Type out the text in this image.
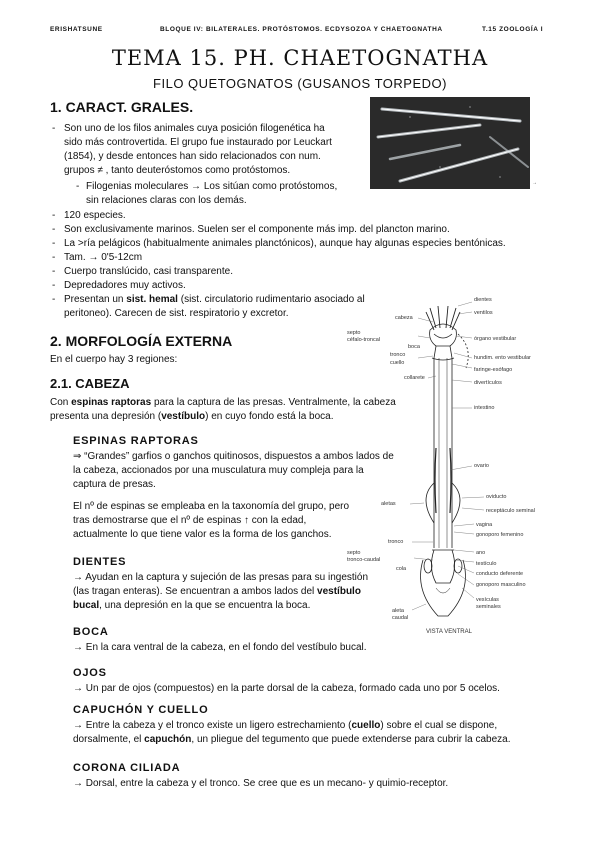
ERISHATSUNE	BLOQUE IV: BILATERALES. PROTÓSTOMOS. ECDYSOZOA Y CHAETOGNATHA	T.15 ZOOLOGÍA I
TEMA 15. PH. CHAETOGNATHA
FILO QUETOGNATOS (GUSANOS TORPEDO)
→
1. CARACT. GRALES.
- Son uno de los filos animales cuya posición filogenética ha
sido más controvertida. El grupo fue instaurado por Leuckart
(1854), y desde entonces han sido relacionados con num.
grupos ≠ , tanto deuteróstomos como protóstomos.
- Filogenias moleculares → Los sitúan como protóstomos,
sin relaciones claras con los demás.
- 120 especies.
- Son exclusivamente marinos. Suelen ser el componente más imp. del plancton marino.
- La >ría pelágicos (habitualmente animales planctónicos), aunque hay algunas especies bentónicas.
- Tam. → 0'5-12cm
- Cuerpo translúcido, casi transparente.
- Depredadores muy activos.
- Presentan un sist. hemal (sist. circulatorio rudimentario asociado al
peritoneo). Carecen de sist. respiratorio y excretor.
2. MORFOLOGÍA EXTERNA
En el cuerpo hay 3 regiones:
2.1. CABEZA
Con espinas raptoras para la captura de las presas. Ventralmente, la cabeza
presenta una depresión (vestíbulo) en cuyo fondo está la boca.
ESPINAS RAPTORAS
⇒ “Grandes” garfios o ganchos quitinosos, dispuestos a ambos lados de
la cabeza, accionados por una musculatura muy compleja para la
captura de presas.
El nº de espinas se empleaba en la taxonomía del grupo, pero
tras demostrarse que el nº de espinas ↑ con la edad,
actualmente lo que tiene valor es la forma de los ganchos.
DIENTES
→ Ayudan en la captura y sujeción de las presas para su ingestión
(las tragan enteras). Se encuentran a ambos lados del vestíbulo
bucal, una depresión en la que se encuentra la boca.
BOCA
→ En la cara ventral de la cabeza, en el fondo del vestíbulo bucal.
OJOS
→ Un par de ojos (compuestos) en la parte dorsal de la cabeza, formado cada uno por 5 ocelos.
CAPUCHÓN Y CUELLO
→ Entre la cabeza y el tronco existe un ligero estrechamiento (cuello) sobre el cual se dispone,
dorsalmente, el capuchón, un pliegue del tegumento que puede extenderse para cubrir la cabeza.
CORONA CILIADA
→ Dorsal, entre la cabeza y el tronco. Se cree que es un mecano- y quimio-receptor.
dientes
ventilos
cabeza
septo
céfalo-troncal
boca
órgano vestibular
tronco
cuello
hundim. ento vestibular
faringe-esófago
collarete
divertículos
intestino
ovario
aletas
oviducto
receptáculo seminal
vagina
gonoporo femenino
tronco
septo
tronco-caudal
ano
testículo
cola
conducto deferente
gonoporo masculino
vesículas
seminales
aleta
caudal
VISTA VENTRAL
